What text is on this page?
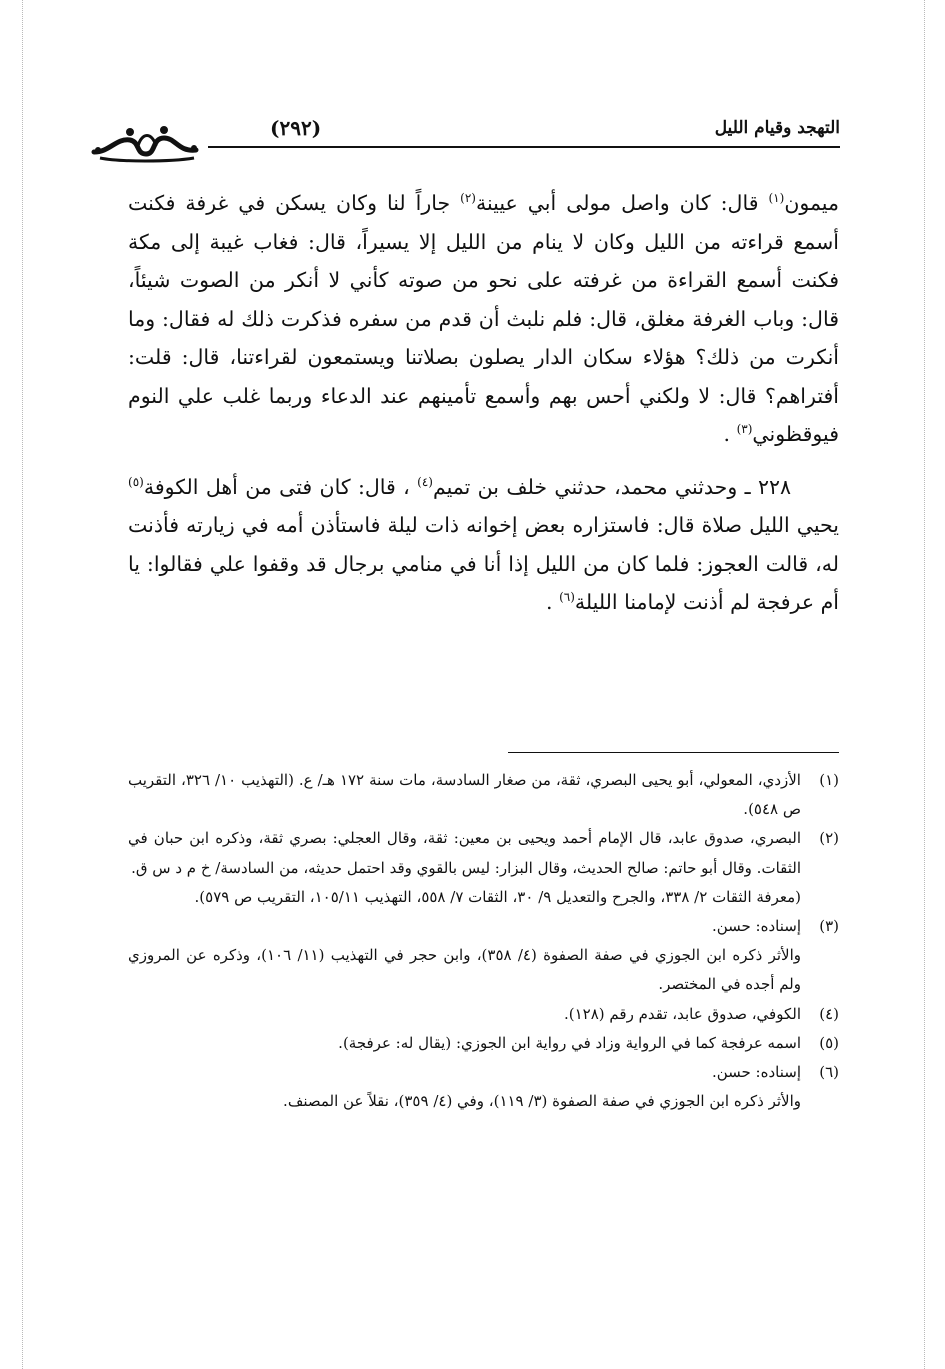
التهجد وقيام الليل
(٢٩٢)

ميمون$^{(١)}$ قال: كان واصل مولى أبي عيينة$^{(٢)}$ جاراً لنا وكان يسكن في غرفة فكنت أسمع قراءته من الليل وكان لا ينام من الليل إلا يسيراً، قال: فغاب غيبة إلى مكة فكنت أسمع القراءة من غرفته على نحو من صوته كأني لا أنكر من الصوت شيئاً، قال: وباب الغرفة مغلق، قال: فلم نلبث أن قدم من سفره فذكرت ذلك له فقال: وما أنكرت من ذلك؟ هؤلاء سكان الدار يصلون بصلاتنا ويستمعون لقراءتنا، قال: قلت: أفتراهم؟ قال: لا ولكني أحس بهم وأسمع تأمينهم عند الدعاء وربما غلب علي النوم فيوقظوني$^{(٣)}$ .

٢٢٨ ـ وحدثني محمد، حدثني خلف بن تميم$^{(٤)}$ ، قال: كان فتى من أهل الكوفة$^{(٥)}$ يحيي الليل صلاة قال: فاستزاره بعض إخوانه ذات ليلة فاستأذن أمه في زيارته فأذنت له، قالت العجوز: فلما كان من الليل إذا أنا في منامي برجال قد وقفوا علي فقالوا: يا أم عرفجة لم أذنت لإمامنا الليلة$^{(٦)}$ .

(١)
الأزدي، المعولي، أبو يحيى البصري، ثقة، من صغار السادسة، مات سنة ١٧٢ هـ/ ع. (التهذيب ١٠/ ٣٢٦، التقريب ص ٥٤٨).
(٢)
البصري، صدوق عابد، قال الإمام أحمد ويحيى بن معين: ثقة، وقال العجلي: بصري ثقة، وذكره ابن حبان في الثقات. وقال أبو حاتم: صالح الحديث، وقال البزار: ليس بالقوي وقد احتمل حديثه، من السادسة/ خ م د س ق.
(معرفة الثقات ٢/ ٣٣٨، والجرح والتعديل ٩/ ٣٠، الثقات ٧/ ٥٥٨، التهذيب ١٠٥/١١، التقريب ص ٥٧٩).
(٣)
إسناده: حسن.
والأثر ذكره ابن الجوزي في صفة الصفوة (٤/ ٣٥٨)، وابن حجر في التهذيب (١١/ ١٠٦)، وذكره عن المروزي ولم أجده في المختصر.
(٤)
الكوفي، صدوق عابد، تقدم رقم (١٢٨).
(٥)
اسمه عرفجة كما في الرواية وزاد في رواية ابن الجوزي: (يقال له: عرفجة).
(٦)
إسناده: حسن.
والأثر ذكره ابن الجوزي في صفة الصفوة (٣/ ١١٩)، وفي (٤/ ٣٥٩)، نقلاً عن المصنف.
